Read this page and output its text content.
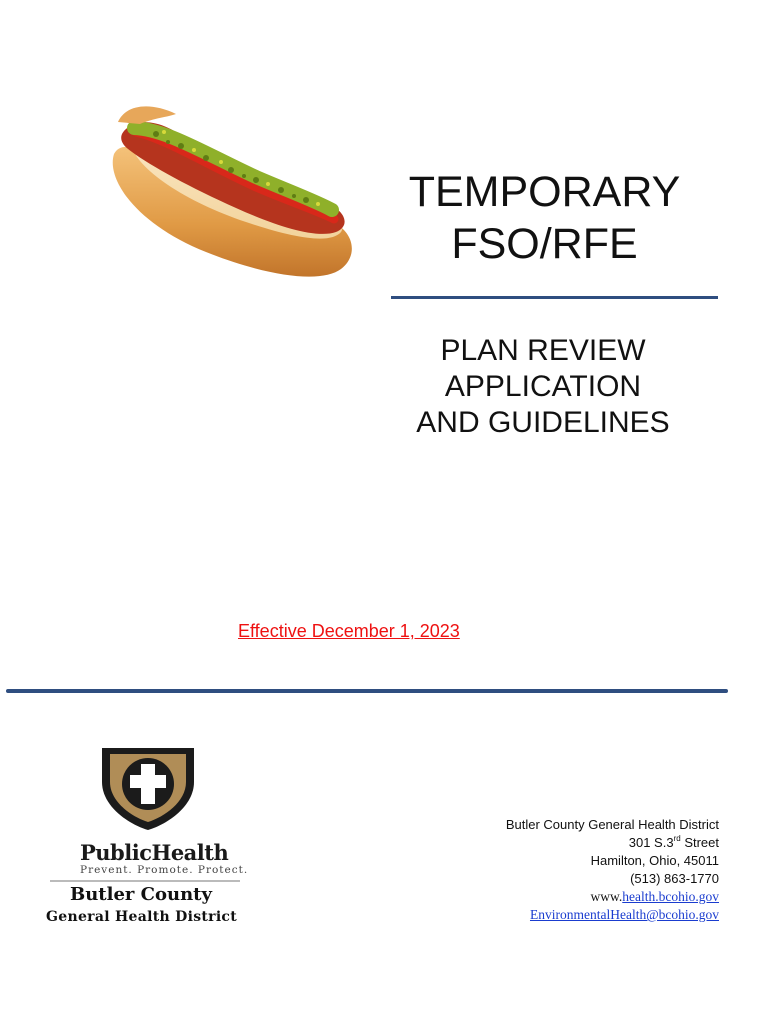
TEMPORARY
FSO/RFE
PLAN REVIEW
APPLICATION
AND GUIDELINES
Effective December 1, 2023
PublicHealth
Prevent. Promote. Protect.
Butler County
General Health District
Butler County General Health District
301 S.3rd Street
Hamilton, Ohio, 45011
(513) 863-1770
www.health.bcohio.gov
EnvironmentalHealth@bcohio.gov
